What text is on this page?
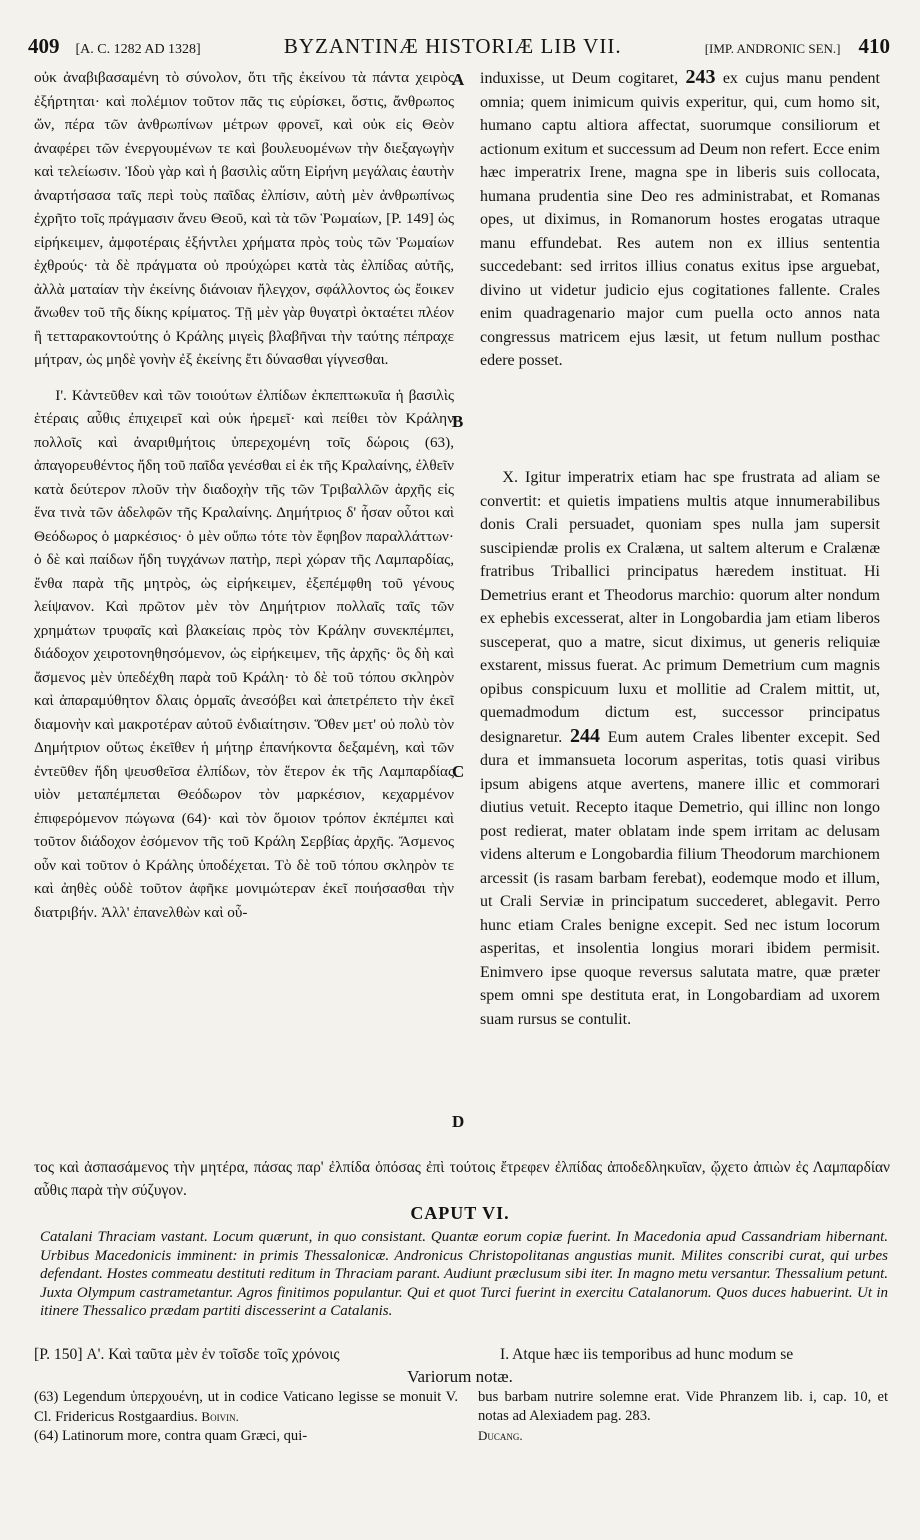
409 [A. C. 1282 AD 1328]	BYZANTINÆ HISTORIÆ LIB VII.	[IMP. ANDRONIC SEN.] 410

οὐκ ἀναβιβασαμένη τὸ σύνολον, ὅτι τῆς ἐκείνου τὰ πάντα χειρὸς ἐξήρτηται· καὶ πολέμιον τοῦτον πᾶς τις εὑρίσκει, ὅστις, ἄνθρωπος ὤν, πέρα τῶν ἀνθρωπίνων μέτρων φρονεῖ, καὶ οὐκ εἰς Θεὸν ἀναφέρει τῶν ἐνεργουμένων τε καὶ βουλευομένων τὴν διεξαγωγὴν καὶ τελείωσιν. Ἰδοὺ γὰρ καὶ ἡ βασιλὶς αὕτη Εἰρήνη μεγάλαις ἑαυτὴν ἀναρτήσασα ταῖς περὶ τοὺς παῖδας ἐλπίσιν, αὐτὴ μὲν ἀνθρωπίνως ἐχρῆτο τοῖς πράγμασιν ἄνευ Θεοῦ, καὶ τὰ τῶν Ῥωμαίων, [P. 149] ὡς εἰρήκειμεν, ἀμφοτέραις ἐξήντλει χρήματα πρὸς τοὺς τῶν Ῥωμαίων ἐχθρούς· τὰ δὲ πράγματα οὐ προύχώρει κατὰ τὰς ἐλπίδας αὐτῆς, ἀλλὰ ματαίαν τὴν ἐκείνης διάνοιαν ἤλεγχον, σφάλλοντος ὡς ἔοικεν ἄνωθεν τοῦ τῆς δίκης κρίματος. Τῇ μὲν γὰρ θυγατρὶ ὀκταέτει πλέον ἢ τετταρακοντούτης ὁ Κράλης μιγεὶς βλαβῆναι τὴν ταύτης πέπραχε μήτραν, ὡς μηδὲ γονὴν ἐξ ἐκείνης ἔτι δύνασθαι γίγνεσθαι.

Ι'. Κἀντεῦθεν καὶ τῶν τοιούτων ἐλπίδων ἐκπεπτωκυῖα ἡ βασιλὶς ἑτέραις αὖθις ἐπιχειρεῖ καὶ οὐκ ἠρεμεῖ· καὶ πείθει τὸν Κράλην πολλοῖς καὶ ἀναριθμήτοις ὑπερεχομένη τοῖς δώροις (63), ἀπαγορευθέντος ἤδη τοῦ παῖδα γενέσθαι εἰ ἐκ τῆς Κραλαίνης, ἐλθεῖν κατὰ δεύτερον πλοῦν τὴν διαδοχὴν τῆς τῶν Τριβαλλῶν ἀρχῆς εἰς ἕνα τινὰ τῶν ἀδελφῶν τῆς Κραλαίνης. Δημήτριος δ' ἦσαν οὗτοι καὶ Θεόδωρος ὁ μαρκέσιος· ὁ μὲν οὔπω τότε τὸν ἔφηβον παραλλάττων· ὁ δὲ καὶ παίδων ἤδη τυγχάνων πατὴρ, περὶ χώραν τῆς Λαμπαρδίας, ἔνθα παρὰ τῆς μητρὸς, ὡς εἰρήκειμεν, ἐξεπέμφθη τοῦ γένους λείψανον. Καὶ πρῶτον μὲν τὸν Δημήτριον πολλαῖς ταῖς τῶν χρημάτων τρυφαῖς καὶ βλακείαις πρὸς τὸν Κράλην συνεκπέμπει, διάδοχον χειροτονηθησόμενον, ὡς εἰρήκειμεν, τῆς ἀρχῆς· ὃς δὴ καὶ ἄσμενος μὲν ὑπεδέχθη παρὰ τοῦ Κράλη· τὸ δὲ τοῦ τόπου σκληρὸν καὶ ἀπαραμύθητον δλαις ὁρμαῖς ἀνεσόβει καὶ ἀπετρέπετο τὴν ἐκεῖ διαμονὴν καὶ μακροτέραν αὐτοῦ ἐνδιαίτησιν. Ὅθεν μετ' οὐ πολὺ τὸν Δημήτριον οὕτως ἐκεῖθεν ἡ μήτηρ ἐπανήκοντα δεξαμένη, καὶ τῶν ἐντεῦθεν ἤδη ψευσθεῖσα ἐλπίδων, τὸν ἕτερον ἐκ τῆς Λαμπαρδίας υἱὸν μεταπέμπεται Θεόδωρον τὸν μαρκέσιον, κεχαρμένον ἐπιφερόμενον πώγωνα (64)· καὶ τὸν ὅμοιον τρόπον ἐκπέμπει καὶ τοῦτον διάδοχον ἐσόμενον τῆς τοῦ Κράλη Σερβίας ἀρχῆς. Ἄσμενος οὖν καὶ τοῦτον ὁ Κράλης ὑποδέχεται. Τὸ δὲ τοῦ τόπου σκληρὸν τε καὶ ἀηθὲς οὐδὲ τοῦτον ἀφῆκε μονιμώτεραν ἐκεῖ ποιήσασθαι τὴν διατριβήν. Ἀλλ' ἐπανελθὼν καὶ οὗ-

A
B
C
D

induxisse, ut Deum cogitaret, 243 ex cujus manu pendent omnia; quem inimicum quivis experitur, qui, cum homo sit, humano captu altiora affectat, suorumque consiliorum et actionum exitum et successum ad Deum non refert. Ecce enim hæc imperatrix Irene, magna spe in liberis suis collocata, humana prudentia sine Deo res administrabat, et Romanas opes, ut diximus, in Romanorum hostes erogatas utraque manu effundebat. Res autem non ex illius sententia succedebant: sed irritos illius conatus exitus ipse arguebat, divino ut videtur judicio ejus cogitationes fallente. Crales enim quadragenario major cum puella octo annos nata congressus matricem ejus læsit, ut fetum nullum posthac edere posset.

X. Igitur imperatrix etiam hac spe frustrata ad aliam se convertit: et quietis impatiens multis atque innumerabilibus donis Crali persuadet, quoniam spes nulla jam supersit suscipiendæ prolis ex Cralæna, ut saltem alterum e Cralænæ fratribus Triballici principatus hæredem instituat. Hi Demetrius erant et Theodorus marchio: quorum alter nondum ex ephebis excesserat, alter in Longobardia jam etiam liberos susceperat, quo a matre, sicut diximus, ut generis reliquiæ exstarent, missus fuerat. Ac primum Demetrium cum magnis opibus conspicuum luxu et mollitie ad Cralem mittit, ut, quemadmodum dictum est, successor principatus designaretur. 244 Eum autem Crales libenter excepit. Sed dura et immansueta locorum asperitas, totis quasi viribus ipsum abigens atque avertens, manere illic et commorari diutius vetuit. Recepto itaque Demetrio, qui illinc non longo post redierat, mater oblatam inde spem irritam ac delusam videns alterum e Longobardia filium Theodorum marchionem arcessit (is rasam barbam ferebat), eodemque modo et illum, ut Crali Serviæ in principatum succederet, ablegavit. Perro hunc etiam Crales benigne excepit. Sed nec istum locorum asperitas, et insolentia longius morari ibidem permisit. Enimvero ipse quoque reversus salutata matre, quæ præter spem omni spe destituta erat, in Longobardiam ad uxorem suam rursus se contulit.

τος καὶ ἀσπασάμενος τὴν μητέρα, πάσας παρ' ἐλπίδα ὁπόσας ἐπὶ τούτοις ἔτρεφεν ἐλπίδας ἀποδεδληκυῖαν, ᾤχετο ἀπιὼν ἐς Λαμπαρδίαν αὖθις παρὰ τὴν σύζυγον.
CAPUT VI.
Catalani Thraciam vastant. Locum quærunt, in quo consistant. Quantæ eorum copiæ fuerint. In Macedonia apud Cassandriam hibernant. Urbibus Macedonicis imminent: in primis Thessalonicæ. Andronicus Christopolitanas angustias munit. Milites conscribi curat, qui urbes defendant. Hostes commeatu destituti reditum in Thraciam parant. Audiunt præclusum sibi iter. In magno metu versantur. Thessalium petunt. Juxta Olympum castrametantur. Agros finitimos populantur. Qui et quot Turci fuerint in exercitu Catalanorum. Quos duces habuerint. Ut in itinere Thessalico prædam partiti discesserint a Catalanis.
[P. 150] Α'. Καὶ ταῦτα μὲν ἐν τοῖσδε τοῖς χρόνοις	I. Atque hæc iis temporibus ad hunc modum se
Variorum notæ.

(63) Legendum ὑπερχουένη, ut in codice Vaticano legisse se monuit V. Cl. Fridericus Rostgaardius. Boivin.

(64) Latinorum more, contra quam Græci, qui-

bus barbam nutrire solemne erat. Vide Phranzem lib. i, cap. 10, et notas ad Alexiadem pag. 283.

Ducang.
